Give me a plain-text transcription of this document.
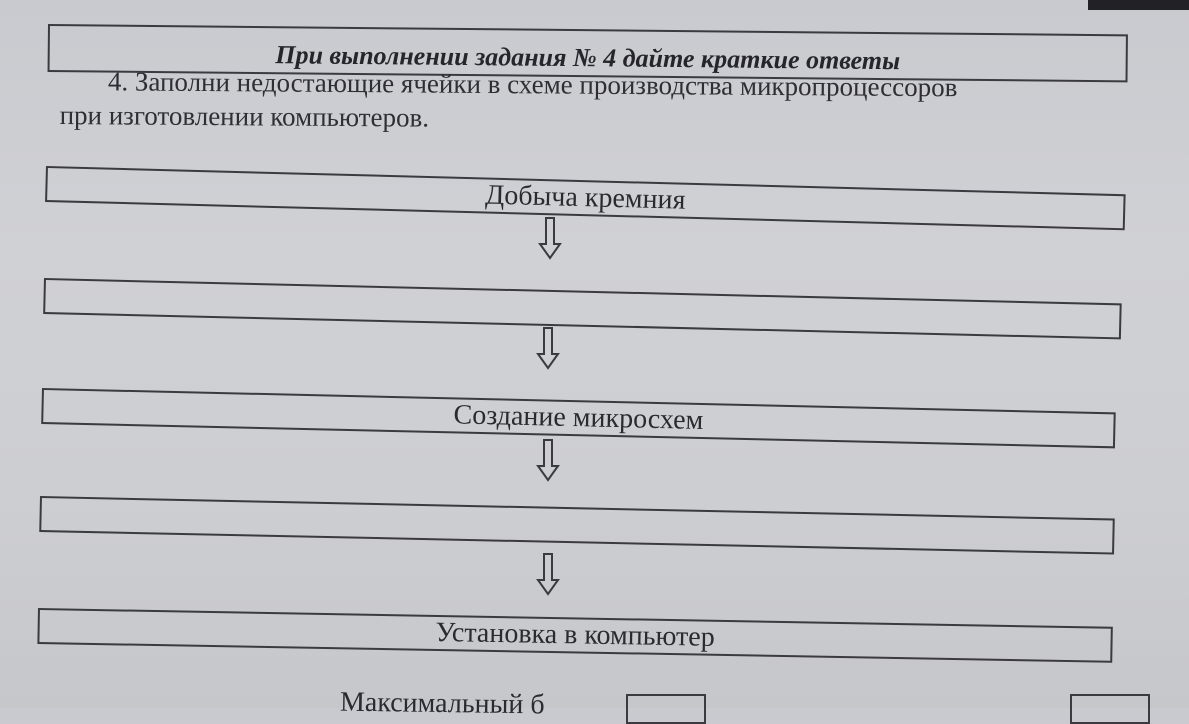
При выполнении задания № 4 дайте краткие ответы
4. Заполни недостающие ячейки в схеме производства микропроцессоров
при изготовлении компьютеров.
Добыча кремния
Создание микросхем
Установка в компьютер
Максимальный б
